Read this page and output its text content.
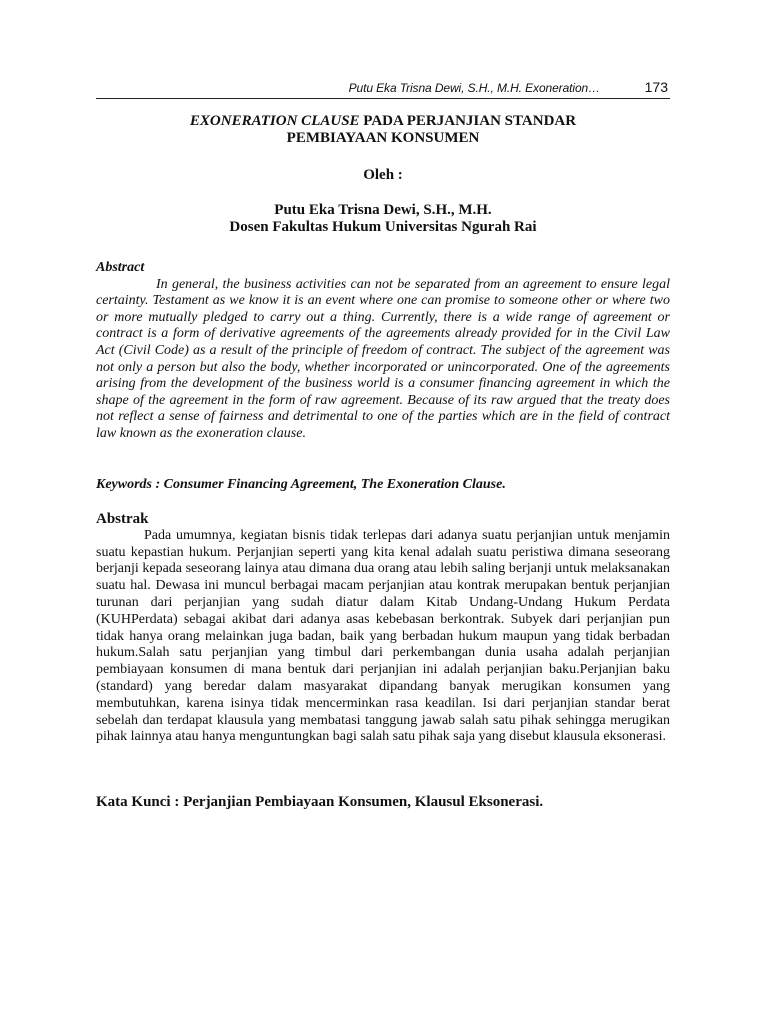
Putu Eka Trisna Dewi, S.H., M.H. Exoneration…	173
EXONERATION CLAUSE PADA PERJANJIAN STANDAR
PEMBIAYAAN KONSUMEN
Oleh :
Putu Eka Trisna Dewi, S.H., M.H.
Dosen Fakultas Hukum Universitas Ngurah Rai
Abstract

In general, the business activities can not be separated from an agreement to ensure legal certainty. Testament as we know it is an event where one can promise to someone other or where two or more mutually pledged to carry out a thing. Currently, there is a wide range of agreement or contract is a form of derivative agreements of the agreements already provided for in the Civil Law Act (Civil Code) as a result of the principle of freedom of contract. The subject of the agreement was not only a person but also the body, whether incorporated or unincorporated. One of the agreements arising from the development of the business world is a consumer financing agreement in which the shape of the agreement in the form of raw agreement. Because of its raw argued that the treaty does not reflect a sense of fairness and detrimental to one of the parties which are in the field of contract law known as the exoneration clause.

Keywords : Consumer Financing Agreement, The Exoneration Clause.
Abstrak

Pada umumnya, kegiatan bisnis tidak terlepas dari adanya suatu perjanjian untuk menjamin suatu kepastian hukum. Perjanjian seperti yang kita kenal adalah suatu peristiwa dimana seseorang berjanji kepada seseorang lainya atau dimana dua orang atau lebih saling berjanji untuk melaksanakan suatu hal. Dewasa ini muncul berbagai macam perjanjian atau kontrak merupakan bentuk perjanjian turunan dari perjanjian yang sudah diatur dalam Kitab Undang-Undang Hukum Perdata (KUHPerdata) sebagai akibat dari adanya asas kebebasan berkontrak. Subyek dari perjanjian pun tidak hanya orang melainkan juga badan, baik yang berbadan hukum maupun yang tidak berbadan hukum.Salah satu perjanjian yang timbul dari perkembangan dunia usaha adalah perjanjian pembiayaan konsumen di mana bentuk dari perjanjian ini adalah perjanjian baku.Perjanjian baku (standard) yang beredar dalam masyarakat dipandang banyak merugikan konsumen yang membutuhkan, karena isinya tidak mencerminkan rasa keadilan. Isi dari perjanjian standar berat sebelah dan terdapat klausula yang membatasi tanggung jawab salah satu pihak sehingga merugikan pihak lainnya atau hanya menguntungkan bagi salah satu pihak saja yang disebut klausula eksonerasi.

Kata Kunci : Perjanjian Pembiayaan Konsumen, Klausul Eksonerasi.
